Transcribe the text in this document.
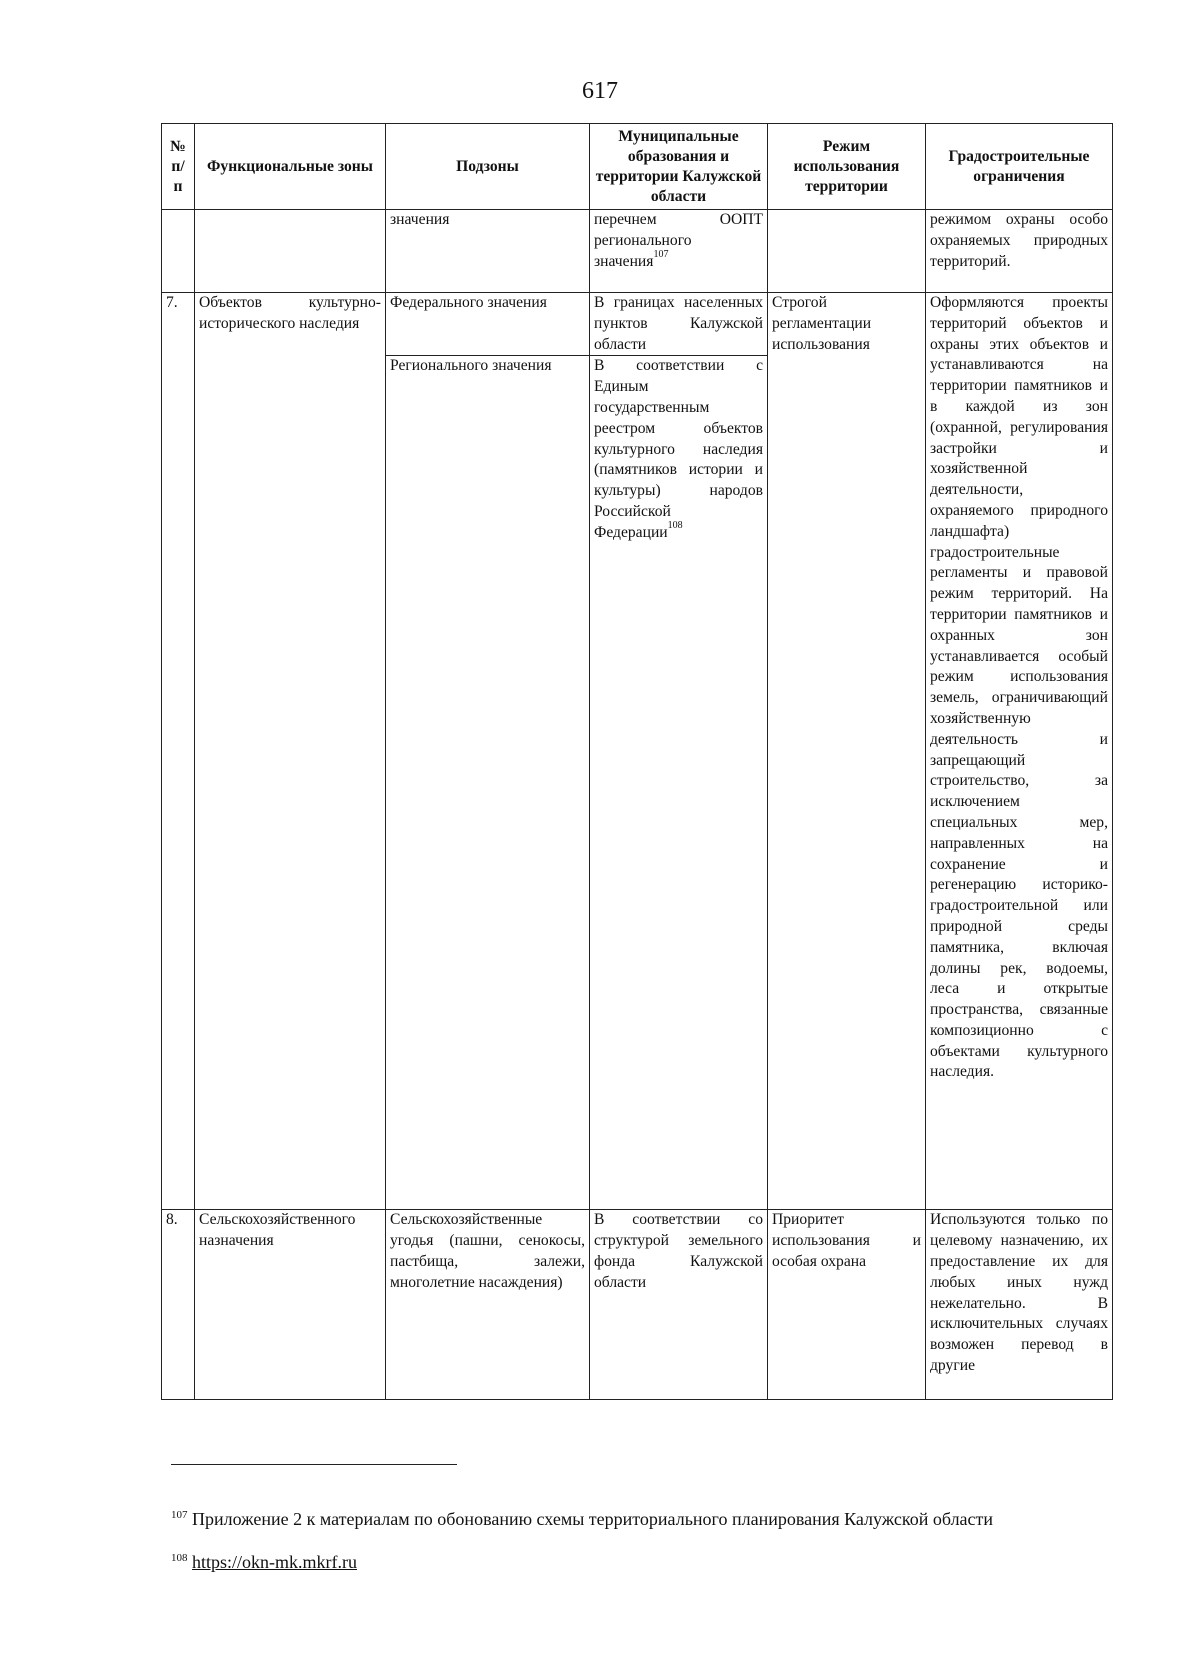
617
№ п/ п	Функциональные зоны	Подзоны	Муниципальные образования и территории Калужской области	Режим использования территории	Градостроительные ограничения
		значения	перечнем ООПТ регионального значения$^{107}$		режимом охраны особо охраняемых природных территорий.
7.	Объектов культурно-исторического наследия	Федерального значения	В границах населенных пунктов Калужской области	Строгой регламентации использования	Оформляются проекты территорий объектов и охраны этих объектов и устанавливаются на территории памятников и в каждой из зон (охранной, регулирования застройки и хозяйственной деятельности, охраняемого природного ландшафта) градостроительные регламенты и правовой режим территорий. На территории памятников и охранных зон устанавливается особый режим использования земель, ограничивающий хозяйственную деятельность и запрещающий строительство, за исключением специальных мер, направленных на сохранение и регенерацию историко-градостроительной или природной среды памятника, включая долины рек, водоемы, леса и открытые пространства, связанные композиционно с объектами культурного наследия.
		Регионального значения	В соответствии с Единым государственным реестром объектов культурного наследия (памятников истории и культуры) народов Российской Федерации$^{108}$
8.	Сельскохозяйственного назначения	Сельскохозяйственные угодья (пашни, сенокосы, пастбища, залежи, многолетние насаждения)	В соответствии со структурой земельного фонда Калужской области	Приоритет использования и особая охрана	Используются только по целевому назначению, их предоставление их для любых иных нужд нежелательно. В исключительных случаях возможен перевод в другие
$^{107}$ Приложение 2 к материалам по обонованию схемы территориального планирования Калужской области
$^{108}$ https://okn-mk.mkrf.ru
